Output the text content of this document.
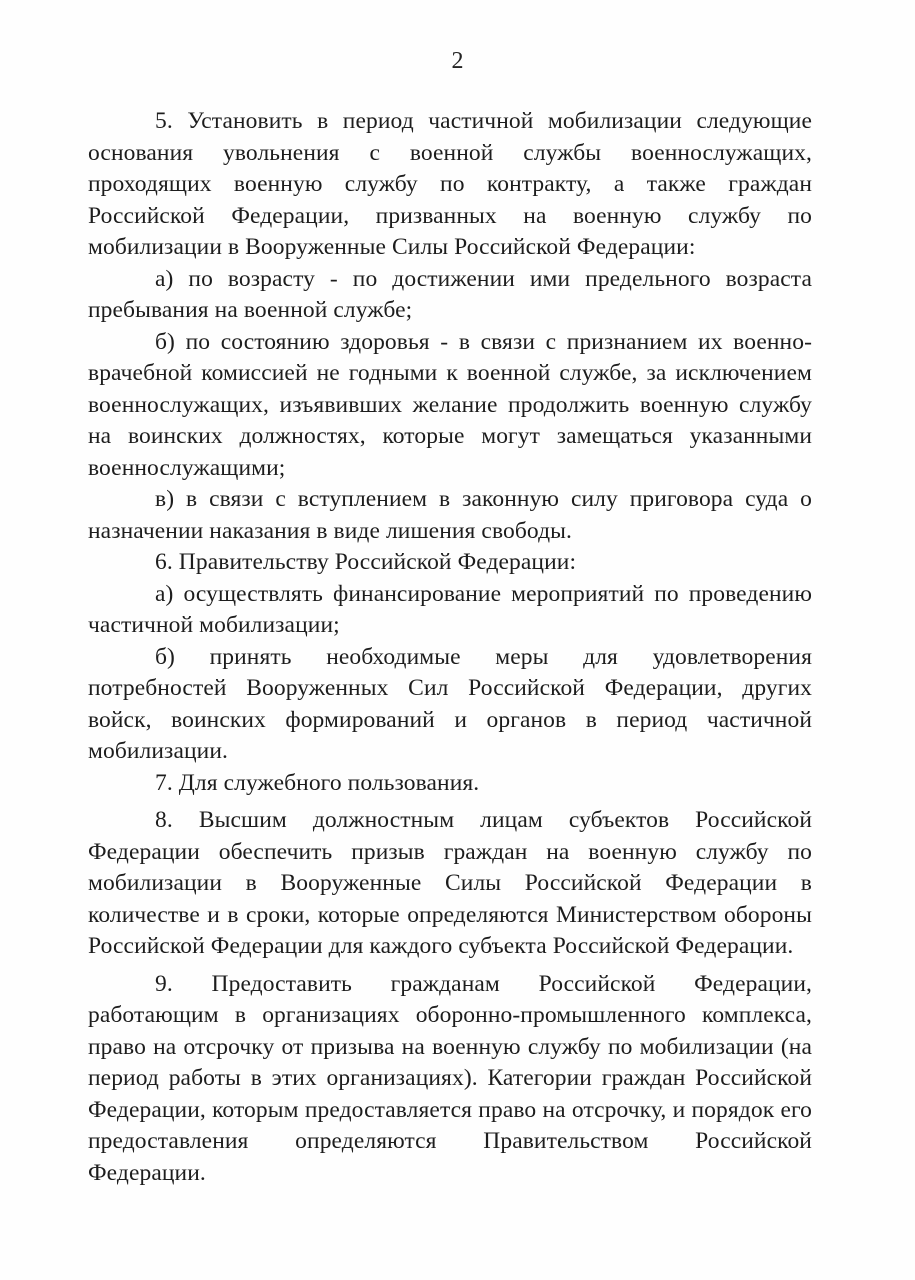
2

5. Установить в период частичной мобилизации следующие основания увольнения с военной службы военнослужащих, проходящих военную службу по контракту, а также граждан Российской Федерации, призванных на военную службу по мобилизации в Вооруженные Силы Российской Федерации:

а) по возрасту - по достижении ими предельного возраста пребывания на военной службе;

б) по состоянию здоровья - в связи с признанием их военно-врачебной комиссией не годными к военной службе, за исключением военнослужащих, изъявивших желание продолжить военную службу на воинских должностях, которые могут замещаться указанными военнослужащими;

в) в связи с вступлением в законную силу приговора суда о назначении наказания в виде лишения свободы.

6. Правительству Российской Федерации:

а) осуществлять финансирование мероприятий по проведению частичной мобилизации;

б) принять необходимые меры для удовлетворения потребностей Вооруженных Сил Российской Федерации, других войск, воинских формирований и органов в период частичной мобилизации.

7. Для служебного пользования.

8. Высшим должностным лицам субъектов Российской Федерации обеспечить призыв граждан на военную службу по мобилизации в Вооруженные Силы Российской Федерации в количестве и в сроки, которые определяются Министерством обороны Российской Федерации для каждого субъекта Российской Федерации.

9. Предоставить гражданам Российской Федерации, работающим в организациях оборонно-промышленного комплекса, право на отсрочку от призыва на военную службу по мобилизации (на период работы в этих организациях). Категории граждан Российской Федерации, которым предоставляется право на отсрочку, и порядок его предоставления определяются Правительством Российской Федерации.
